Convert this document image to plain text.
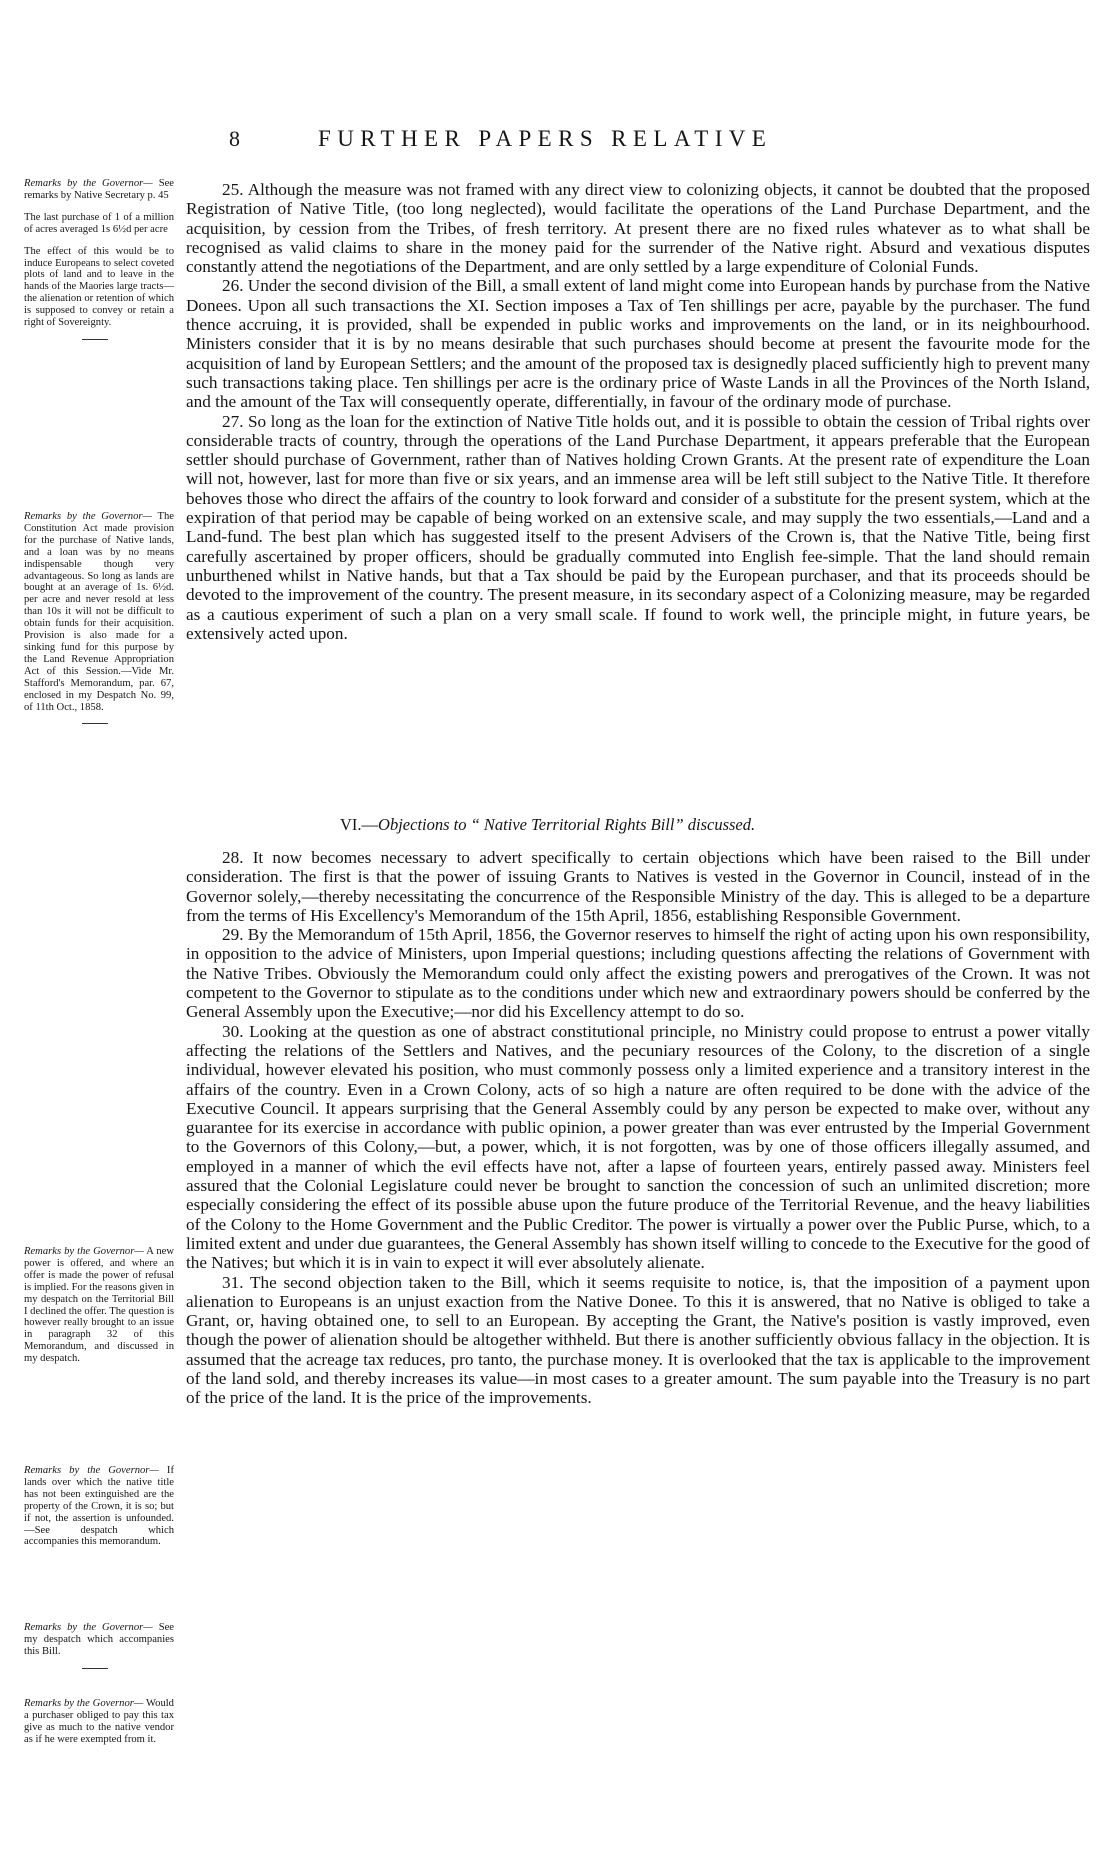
8	FURTHER PAPERS RELATIVE

Remarks by the Governor— See remarks by Native Secretary p. 45

The last purchase of 1 of a million of acres averaged 1s 6½d per acre

The effect of this would be to induce Europeans to select coveted plots of land and to leave in the hands of the Maories large tracts—the alienation or retention of which is supposed to convey or retain a right of Sovereignty.

Remarks by the Governor— The Constitution Act made provision for the purchase of Native lands, and a loan was by no means indispensable though very advantageous. So long as lands are bought at an average of 1s. 6½d. per acre and never resold at less than 10s it will not be difficult to obtain funds for their acquisition. Provision is also made for a sinking fund for this purpose by the Land Revenue Appropriation Act of this Session.—Vide Mr. Stafford's Memorandum, par. 67, enclosed in my Despatch No. 99, of 11th Oct., 1858.

Remarks by the Governor— A new power is offered, and where an offer is made the power of refusal is implied. For the reasons given in my despatch on the Territorial Bill I declined the offer. The question is however really brought to an issue in paragraph 32 of this Memorandum, and discussed in my despatch.

Remarks by the Governor— If lands over which the native title has not been extinguished are the property of the Crown, it is so; but if not, the assertion is unfounded.—See despatch which accompanies this memorandum.

Remarks by the Governor— See my despatch which accompanies this Bill.

Remarks by the Governor— Would a purchaser obliged to pay this tax give as much to the native vendor as if he were exempted from it.

25. Although the measure was not framed with any direct view to colonizing objects, it cannot be doubted that the proposed Registration of Native Title, (too long neglected), would facilitate the operations of the Land Purchase Department, and the acquisition, by cession from the Tribes, of fresh territory. At present there are no fixed rules whatever as to what shall be recognised as valid claims to share in the money paid for the surrender of the Native right. Absurd and vexatious disputes constantly attend the negotiations of the Department, and are only settled by a large expenditure of Colonial Funds.

26. Under the second division of the Bill, a small extent of land might come into European hands by purchase from the Native Donees. Upon all such transactions the XI. Section imposes a Tax of Ten shillings per acre, payable by the purchaser. The fund thence accruing, it is provided, shall be expended in public works and improvements on the land, or in its neighbourhood. Ministers consider that it is by no means desirable that such purchases should become at present the favourite mode for the acquisition of land by European Settlers; and the amount of the proposed tax is designedly placed sufficiently high to prevent many such transactions taking place. Ten shillings per acre is the ordinary price of Waste Lands in all the Provinces of the North Island, and the amount of the Tax will consequently operate, differentially, in favour of the ordinary mode of purchase.

27. So long as the loan for the extinction of Native Title holds out, and it is possible to obtain the cession of Tribal rights over considerable tracts of country, through the operations of the Land Purchase Department, it appears preferable that the European settler should purchase of Government, rather than of Natives holding Crown Grants. At the present rate of expenditure the Loan will not, however, last for more than five or six years, and an immense area will be left still subject to the Native Title. It therefore behoves those who direct the affairs of the country to look forward and consider of a substitute for the present system, which at the expiration of that period may be capable of being worked on an extensive scale, and may supply the two essentials,—Land and a Land-fund. The best plan which has suggested itself to the present Advisers of the Crown is, that the Native Title, being first carefully ascertained by proper officers, should be gradually commuted into English fee-simple. That the land should remain unburthened whilst in Native hands, but that a Tax should be paid by the European purchaser, and that its proceeds should be devoted to the improvement of the country. The present measure, in its secondary aspect of a Colonizing measure, may be regarded as a cautious experiment of such a plan on a very small scale. If found to work well, the principle might, in future years, be extensively acted upon.

VI.—Objections to “ Native Territorial Rights Bill” discussed.

28. It now becomes necessary to advert specifically to certain objections which have been raised to the Bill under consideration. The first is that the power of issuing Grants to Natives is vested in the Governor in Council, instead of in the Governor solely,—thereby necessitating the concurrence of the Responsible Ministry of the day. This is alleged to be a departure from the terms of His Excellency's Memorandum of the 15th April, 1856, establishing Responsible Government.

29. By the Memorandum of 15th April, 1856, the Governor reserves to himself the right of acting upon his own responsibility, in opposition to the advice of Ministers, upon Imperial questions; including questions affecting the relations of Government with the Native Tribes. Obviously the Memorandum could only affect the existing powers and prerogatives of the Crown. It was not competent to the Governor to stipulate as to the conditions under which new and extraordinary powers should be conferred by the General Assembly upon the Executive;—nor did his Excellency attempt to do so.

30. Looking at the question as one of abstract constitutional principle, no Ministry could propose to entrust a power vitally affecting the relations of the Settlers and Natives, and the pecuniary resources of the Colony, to the discretion of a single individual, however elevated his position, who must commonly possess only a limited experience and a transitory interest in the affairs of the country. Even in a Crown Colony, acts of so high a nature are often required to be done with the advice of the Executive Council. It appears surprising that the General Assembly could by any person be expected to make over, without any guarantee for its exercise in accordance with public opinion, a power greater than was ever entrusted by the Imperial Government to the Governors of this Colony,—but, a power, which, it is not forgotten, was by one of those officers illegally assumed, and employed in a manner of which the evil effects have not, after a lapse of fourteen years, entirely passed away. Ministers feel assured that the Colonial Legislature could never be brought to sanction the concession of such an unlimited discretion; more especially considering the effect of its possible abuse upon the future produce of the Territorial Revenue, and the heavy liabilities of the Colony to the Home Government and the Public Creditor. The power is virtually a power over the Public Purse, which, to a limited extent and under due guarantees, the General Assembly has shown itself willing to concede to the Executive for the good of the Natives; but which it is in vain to expect it will ever absolutely alienate.

31. The second objection taken to the Bill, which it seems requisite to notice, is, that the imposition of a payment upon alienation to Europeans is an unjust exaction from the Native Donee. To this it is answered, that no Native is obliged to take a Grant, or, having obtained one, to sell to an European. By accepting the Grant, the Native's position is vastly improved, even though the power of alienation should be altogether withheld. But there is another sufficiently obvious fallacy in the objection. It is assumed that the acreage tax reduces, pro tanto, the purchase money. It is overlooked that the tax is applicable to the improvement of the land sold, and thereby increases its value—in most cases to a greater amount. The sum payable into the Treasury is no part of the price of the land. It is the price of the improvements.
